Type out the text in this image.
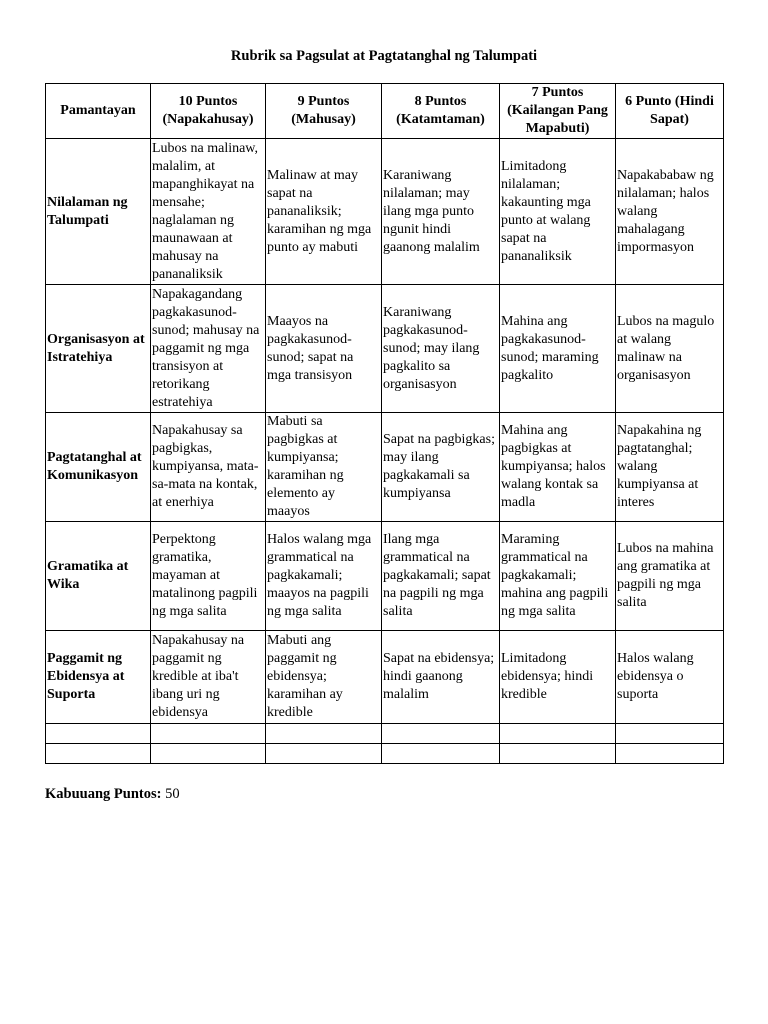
Rubrik sa Pagsulat at Pagtatanghal ng Talumpati
Pamantayan	10 Puntos (Napakahusay)	9 Puntos (Mahusay)	8 Puntos (Katamtaman)	7 Puntos (Kailangan Pang Mapabuti)	6 Punto (Hindi Sapat)
Nilalaman ng Talumpati	Lubos na malinaw, malalim, at mapanghikayat na mensahe; naglalaman ng maunawaan at mahusay na pananaliksik	Malinaw at may sapat na pananaliksik; karamihan ng mga punto ay mabuti	Karaniwang nilalaman; may ilang mga punto ngunit hindi gaanong malalim	Limitadong nilalaman; kakaunting mga punto at walang sapat na pananaliksik	Napakababaw ng nilalaman; halos walang mahalagang impormasyon
Organisasyon at Istratehiya	Napakagandang pagkakasunod-sunod; mahusay na paggamit ng mga transisyon at retorikang estratehiya	Maayos na pagkakasunod-sunod; sapat na mga transisyon	Karaniwang pagkakasunod-sunod; may ilang pagkalito sa organisasyon	Mahina ang pagkakasunod-sunod; maraming pagkalito	Lubos na magulo at walang malinaw na organisasyon
Pagtatanghal at Komunikasyon	Napakahusay sa pagbigkas, kumpiyansa, mata-sa-mata na kontak, at enerhiya	Mabuti sa pagbigkas at kumpiyansa; karamihan ng elemento ay maayos	Sapat na pagbigkas; may ilang pagkakamali sa kumpiyansa	Mahina ang pagbigkas at kumpiyansa; halos walang kontak sa madla	Napakahina ng pagtatanghal; walang kumpiyansa at interes
Gramatika at Wika	Perpektong gramatika, mayaman at matalinong pagpili ng mga salita	Halos walang mga grammatical na pagkakamali; maayos na pagpili ng mga salita	Ilang mga grammatical na pagkakamali; sapat na pagpili ng mga salita	Maraming grammatical na pagkakamali; mahina ang pagpili ng mga salita	Lubos na mahina ang gramatika at pagpili ng mga salita
Paggamit ng Ebidensya at Suporta	Napakahusay na paggamit ng kredible at iba't ibang uri ng ebidensya	Mabuti ang paggamit ng ebidensya; karamihan ay kredible	Sapat na ebidensya; hindi gaanong malalim	Limitadong ebidensya; hindi kredible	Halos walang ebidensya o suporta

Kabuuang Puntos: 50
